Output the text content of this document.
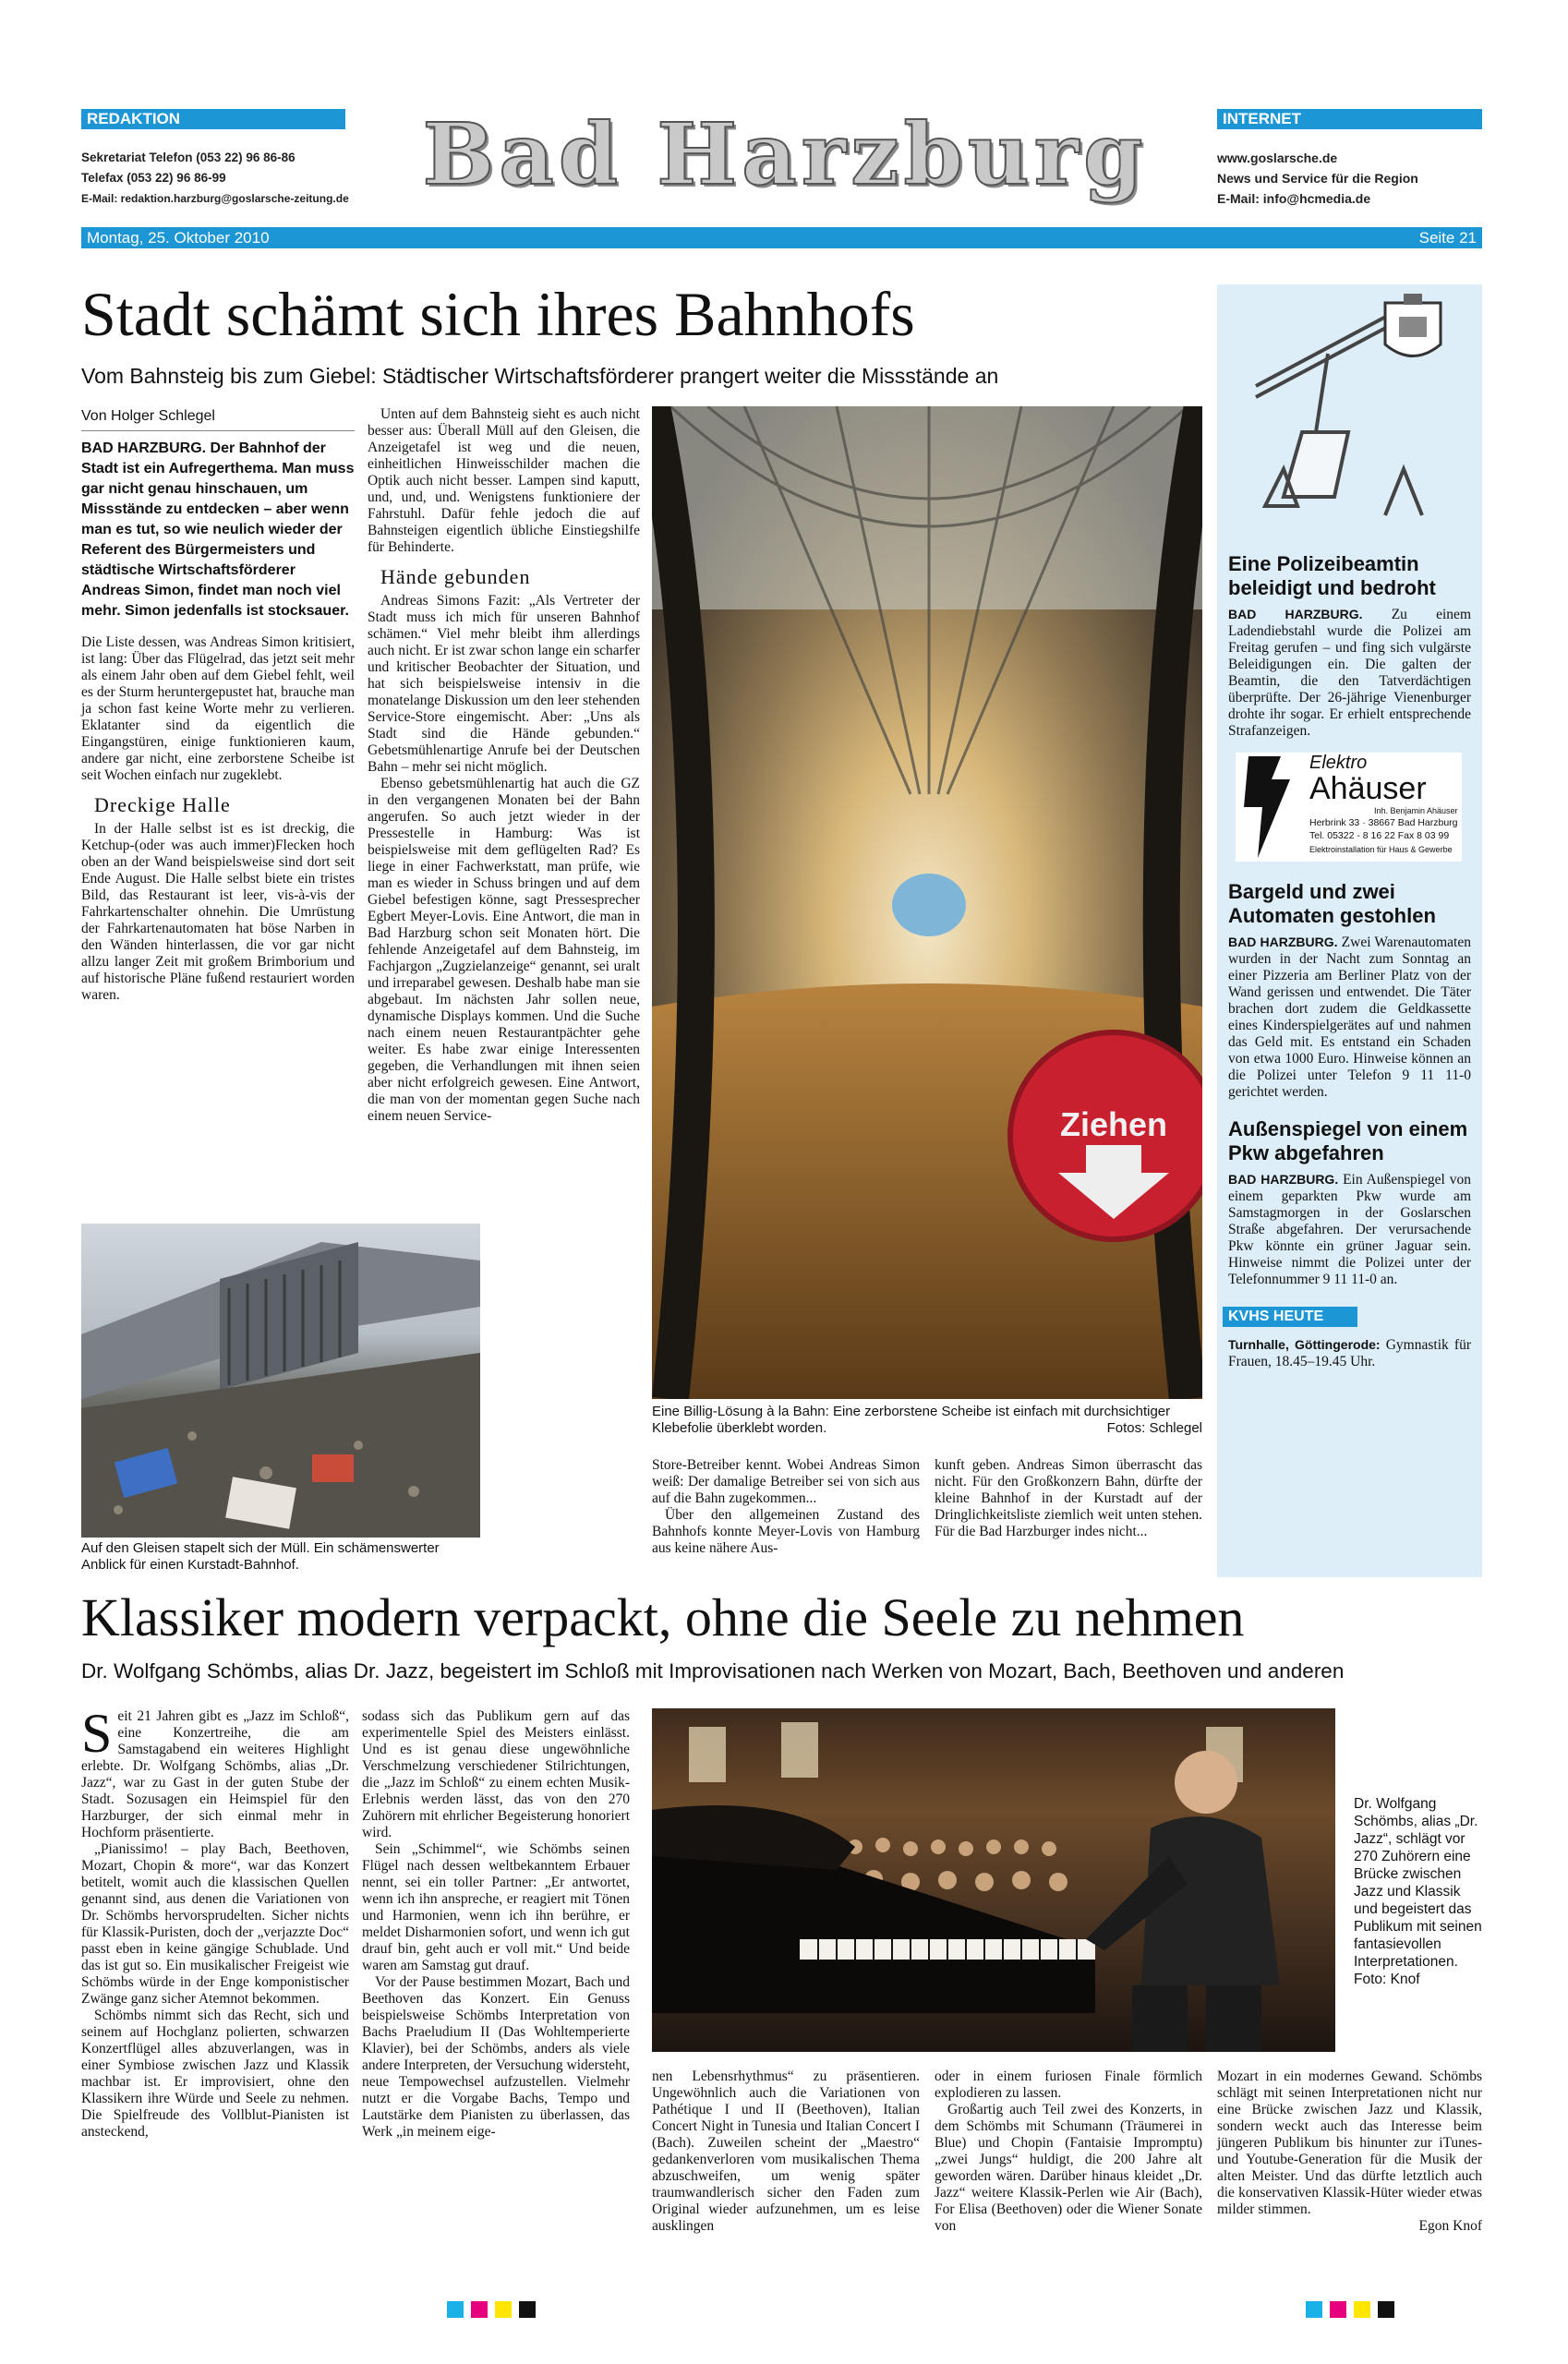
REDAKTION
Sekretariat Telefon (053 22) 96 86-86
Telefax (053 22) 96 86-99
E-Mail: redaktion.harzburg@goslarsche-zeitung.de Bad Harzburg	INTERNET
www.goslarsche.de
News und Service für die Region
E-Mail: info@hcmedia.de
Montag, 25. Oktober 2010	Seite 21
Stadt schämt sich ihres Bahnhofs
Vom Bahnsteig bis zum Giebel: Städtischer Wirtschaftsförderer prangert weiter die Missstände an
Von Holger Schlegel
BAD HARZBURG. Der Bahnhof der Stadt ist ein Aufregerthema. Man muss gar nicht genau hinschauen, um Missstände zu entdecken – aber wenn man es tut, so wie neulich wieder der Referent des Bürgermeisters und städtische Wirtschaftsförderer Andreas Simon, findet man noch viel mehr. Simon jedenfalls ist stocksauer.

Die Liste dessen, was Andreas Simon kritisiert, ist lang: Über das Flügelrad, das jetzt seit mehr als einem Jahr oben auf dem Giebel fehlt, weil es der Sturm heruntergepustet hat, brauche man ja schon fast keine Worte mehr zu verlieren. Eklatanter sind da eigentlich die Eingangstüren, einige funktionieren kaum, andere gar nicht, eine zerborstene Scheibe ist seit Wochen einfach nur zugeklebt.

Dreckige Halle

In der Halle selbst ist es ist dreckig, die Ketchup-(oder was auch immer)Flecken hoch oben an der Wand beispielsweise sind dort seit Ende August. Die Halle selbst biete ein tristes Bild, das Restaurant ist leer, vis-à-vis der Fahrkartenschalter ohnehin. Die Umrüstung der Fahrkartenautomaten hat böse Narben in den Wänden hinterlassen, die vor gar nicht allzu langer Zeit mit großem Brimborium und auf historische Pläne fußend restauriert worden waren.

Auf den Gleisen stapelt sich der Müll. Ein schämenswerter Anblick für einen Kurstadt-Bahnhof.

Unten auf dem Bahnsteig sieht es auch nicht besser aus: Überall Müll auf den Gleisen, die Anzeigetafel ist weg und die neuen, einheitlichen Hinweisschilder machen die Optik auch nicht besser. Lampen sind kaputt, und, und, und. Wenigstens funktioniere der Fahrstuhl. Dafür fehle jedoch die auf Bahnsteigen eigentlich übliche Einstiegshilfe für Behinderte.

Hände gebunden

Andreas Simons Fazit: „Als Vertreter der Stadt muss ich mich für unseren Bahnhof schämen.“ Viel mehr bleibt ihm allerdings auch nicht. Er ist zwar schon lange ein scharfer und kritischer Beobachter der Situation, und hat sich beispielsweise intensiv in die monatelange Diskussion um den leer stehenden Service-Store eingemischt. Aber: „Uns als Stadt sind die Hände gebunden.“ Gebetsmühlenartige Anrufe bei der Deutschen Bahn – mehr sei nicht möglich.

Ebenso gebetsmühlenartig hat auch die GZ in den vergangenen Monaten bei der Bahn angerufen. So auch jetzt wieder in der Pressestelle in Hamburg: Was ist beispielsweise mit dem geflügelten Rad? Es liege in einer Fachwerkstatt, man prüfe, wie man es wieder in Schuss bringen und auf dem Giebel befestigen könne, sagt Pressesprecher Egbert Meyer-Lovis. Eine Antwort, die man in Bad Harzburg schon seit Monaten hört. Die fehlende Anzeigetafel auf dem Bahnsteig, im Fachjargon „Zugzielanzeige“ genannt, sei uralt und irreparabel gewesen. Deshalb habe man sie abgebaut. Im nächsten Jahr sollen neue, dynamische Displays kommen. Und die Suche nach einem neuen Restaurantpächter gehe weiter. Es habe zwar einige Interessenten gegeben, die Verhandlungen mit ihnen seien aber nicht erfolgreich gewesen. Eine Antwort, die man von der momentan gegen Suche nach einem neuen Service-	Ziehen
Eine Billig-Lösung à la Bahn: Eine zerborstene Scheibe ist einfach mit durchsichtiger Klebefolie überklebt worden.	Fotos: Schlegel

Store-Betreiber kennt. Wobei Andreas Simon weiß: Der damalige Betreiber sei von sich aus auf die Bahn zugekommen...

Über den allgemeinen Zustand des Bahnhofs konnte Meyer-Lovis von Hamburg aus keine nähere Aus-

kunft geben. Andreas Simon überrascht das nicht. Für den Großkonzern Bahn, dürfte der kleine Bahnhof in der Kurstadt auf der Dringlichkeitsliste ziemlich weit unten stehen. Für die Bad Harzburger indes nicht...

Eine Polizeibeamtin beleidigt und bedroht

BAD HARZBURG. Zu einem Ladendiebstahl wurde die Polizei am Freitag gerufen – und fing sich vulgärste Beleidigungen ein. Die galten der Beamtin, die den Tatverdächtigen überprüfte. Der 26-jährige Vienenburger drohte ihr sogar. Er erhielt entsprechende Strafanzeigen.

Elektro
Ahäuser
Inh. Benjamin Ahäuser
Herbrink 33 · 38667 Bad Harzburg
Tel. 05322 - 8 16 22 Fax 8 03 99
Elektroinstallation für Haus & Gewerbe
Bargeld und zwei Automaten gestohlen

BAD HARZBURG. Zwei Warenautomaten wurden in der Nacht zum Sonntag an einer Pizzeria am Berliner Platz von der Wand gerissen und entwendet. Die Täter brachen dort zudem die Geldkassette eines Kinderspielgerätes auf und nahmen das Geld mit. Es entstand ein Schaden von etwa 1000 Euro. Hinweise können an die Polizei unter Telefon 9 11 11-0 gerichtet werden.

Außenspiegel von einem Pkw abgefahren

BAD HARZBURG. Ein Außenspiegel von einem geparkten Pkw wurde am Samstagmorgen in der Goslarschen Straße abgefahren. Der verursachende Pkw könnte ein grüner Jaguar sein. Hinweise nimmt die Polizei unter der Telefonnummer 9 11 11-0 an.

KVHS HEUTE

Turnhalle, Göttingerode: Gymnastik für Frauen, 18.45–19.45 Uhr.

Klassiker modern verpackt, ohne die Seele zu nehmen
Dr. Wolfgang Schömbs, alias Dr. Jazz, begeistert im Schloß mit Improvisationen nach Werken von Mozart, Bach, Beethoven und anderen

Seit 21 Jahren gibt es „Jazz im Schloß“, eine Konzertreihe, die am Samstagabend ein weiteres Highlight erlebte. Dr. Wolfgang Schömbs, alias „Dr. Jazz“, war zu Gast in der guten Stube der Stadt. Sozusagen ein Heimspiel für den Harzburger, der sich einmal mehr in Hochform präsentierte.

„Pianissimo! – play Bach, Beethoven, Mozart, Chopin & more“, war das Konzert betitelt, womit auch die klassischen Quellen genannt sind, aus denen die Variationen von Dr. Schömbs hervorsprudelten. Sicher nichts für Klassik-Puristen, doch der „verjazzte Doc“ passt eben in keine gängige Schublade. Und das ist gut so. Ein musikalischer Freigeist wie Schömbs würde in der Enge komponistischer Zwänge ganz sicher Atemnot bekommen.

Schömbs nimmt sich das Recht, sich und seinem auf Hochglanz polierten, schwarzen Konzertflügel alles abzuverlangen, was in einer Symbiose zwischen Jazz und Klassik machbar ist. Er improvisiert, ohne den Klassikern ihre Würde und Seele zu nehmen. Die Spielfreude des Vollblut-Pianisten ist ansteckend,

sodass sich das Publikum gern auf das experimentelle Spiel des Meisters einlässt. Und es ist genau diese ungewöhnliche Verschmelzung verschiedener Stilrichtungen, die „Jazz im Schloß“ zu einem echten Musik-Erlebnis werden lässt, das von den 270 Zuhörern mit ehrlicher Begeisterung honoriert wird.

Sein „Schimmel“, wie Schömbs seinen Flügel nach dessen weltbekanntem Erbauer nennt, sei ein toller Partner: „Er antwortet, wenn ich ihn anspreche, er reagiert mit Tönen und Harmonien, wenn ich ihn berühre, er meldet Disharmonien sofort, und wenn ich gut drauf bin, geht auch er voll mit.“ Und beide waren am Samstag gut drauf.

Vor der Pause bestimmen Mozart, Bach und Beethoven das Konzert. Ein Genuss beispielsweise Schömbs Interpretation von Bachs Praeludium II (Das Wohltemperierte Klavier), bei der Schömbs, anders als viele andere Interpreten, der Versuchung widersteht, neue Tempowechsel aufzustellen. Vielmehr nutzt er die Vorgabe Bachs, Tempo und Lautstärke dem Pianisten zu überlassen, das Werk „in meinem eige-

Dr. Wolfgang Schömbs, alias „Dr. Jazz“, schlägt vor 270 Zuhörern eine Brücke zwischen Jazz und Klassik und begeistert das Publikum mit seinen fantasievollen Interpretationen. Foto: Knof

nen Lebensrhythmus“ zu präsentieren. Ungewöhnlich auch die Variationen von Pathétique I und II (Beethoven), Italian Concert Night in Tunesia und Italian Concert I (Bach). Zuweilen scheint der „Maestro“ gedankenverloren vom musikalischen Thema abzuschweifen, um wenig später traumwandlerisch sicher den Faden zum Original wieder aufzunehmen, um es leise ausklingen

oder in einem furiosen Finale förmlich explodieren zu lassen.

Großartig auch Teil zwei des Konzerts, in dem Schömbs mit Schumann (Träumerei in Blue) und Chopin (Fantaisie Impromptu) „zwei Jungs“ huldigt, die 200 Jahre alt geworden wären. Darüber hinaus kleidet „Dr. Jazz“ weitere Klassik-Perlen wie Air (Bach), For Elisa (Beethoven) oder die Wiener Sonate von

Mozart in ein modernes Gewand. Schömbs schlägt mit seinen Interpretationen nicht nur eine Brücke zwischen Jazz und Klassik, sondern weckt auch das Interesse beim jüngeren Publikum bis hinunter zur iTunes- und Youtube-Generation für die Musik der alten Meister. Und das dürfte letztlich auch die konservativen Klassik-Hüter wieder etwas milder stimmen.

Egon Knof
